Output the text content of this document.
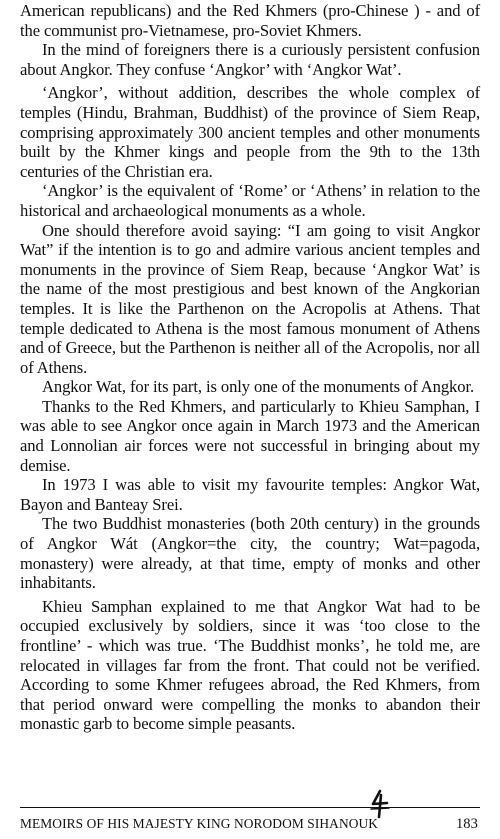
American republicans) and the Red Khmers (pro-Chinese ) - and of the communist pro-Vietnamese, pro-Soviet Khmers.

In the mind of foreigners there is a curiously persistent confusion about Angkor. They confuse ‘Angkor’ with ‘Angkor Wat’.

‘Angkor’, without addition, describes the whole complex of temples (Hindu, Brahman, Buddhist) of the province of Siem Reap, comprising approximately 300 ancient temples and other monuments built by the Khmer kings and people from the 9th to the 13th centuries of the Christian era.

‘Angkor’ is the equivalent of ‘Rome’ or ‘Athens’ in relation to the historical and archaeological monuments as a whole.

One should therefore avoid saying: “I am going to visit Angkor Wat” if the intention is to go and admire various ancient temples and monuments in the province of Siem Reap, because ‘Angkor Wat’ is the name of the most prestigious and best known of the Angkorian temples. It is like the Parthenon on the Acropolis at Athens. That temple dedicated to Athena is the most famous monument of Athens and of Greece, but the Parthenon is neither all of the Acropolis, nor all of Athens.

Angkor Wat, for its part, is only one of the monuments of Angkor.

Thanks to the Red Khmers, and particularly to Khieu Samphan, I was able to see Angkor once again in March 1973 and the American and Lonnolian air forces were not successful in bringing about my demise.

In 1973 I was able to visit my favourite temples: Angkor Wat, Bayon and Banteay Srei.

The two Buddhist monasteries (both 20th century) in the grounds of Angkor Wát (Angkor=the city, the country; Wat=pagoda, monastery) were already, at that time, empty of monks and other inhabitants.

Khieu Samphan explained to me that Angkor Wat had to be occupied exclusively by soldiers, since it was ‘too close to the frontline’ - which was true. ‘The Buddhist monks’, he told me, are relocated in villages far from the front. That could not be verified. According to some Khmer refugees abroad, the Red Khmers, from that period onward were compelling the monks to abandon their monastic garb to become simple peasants.

MEMOIRS OF HIS MAJESTY KING NORODOM SIHANOUK	183
